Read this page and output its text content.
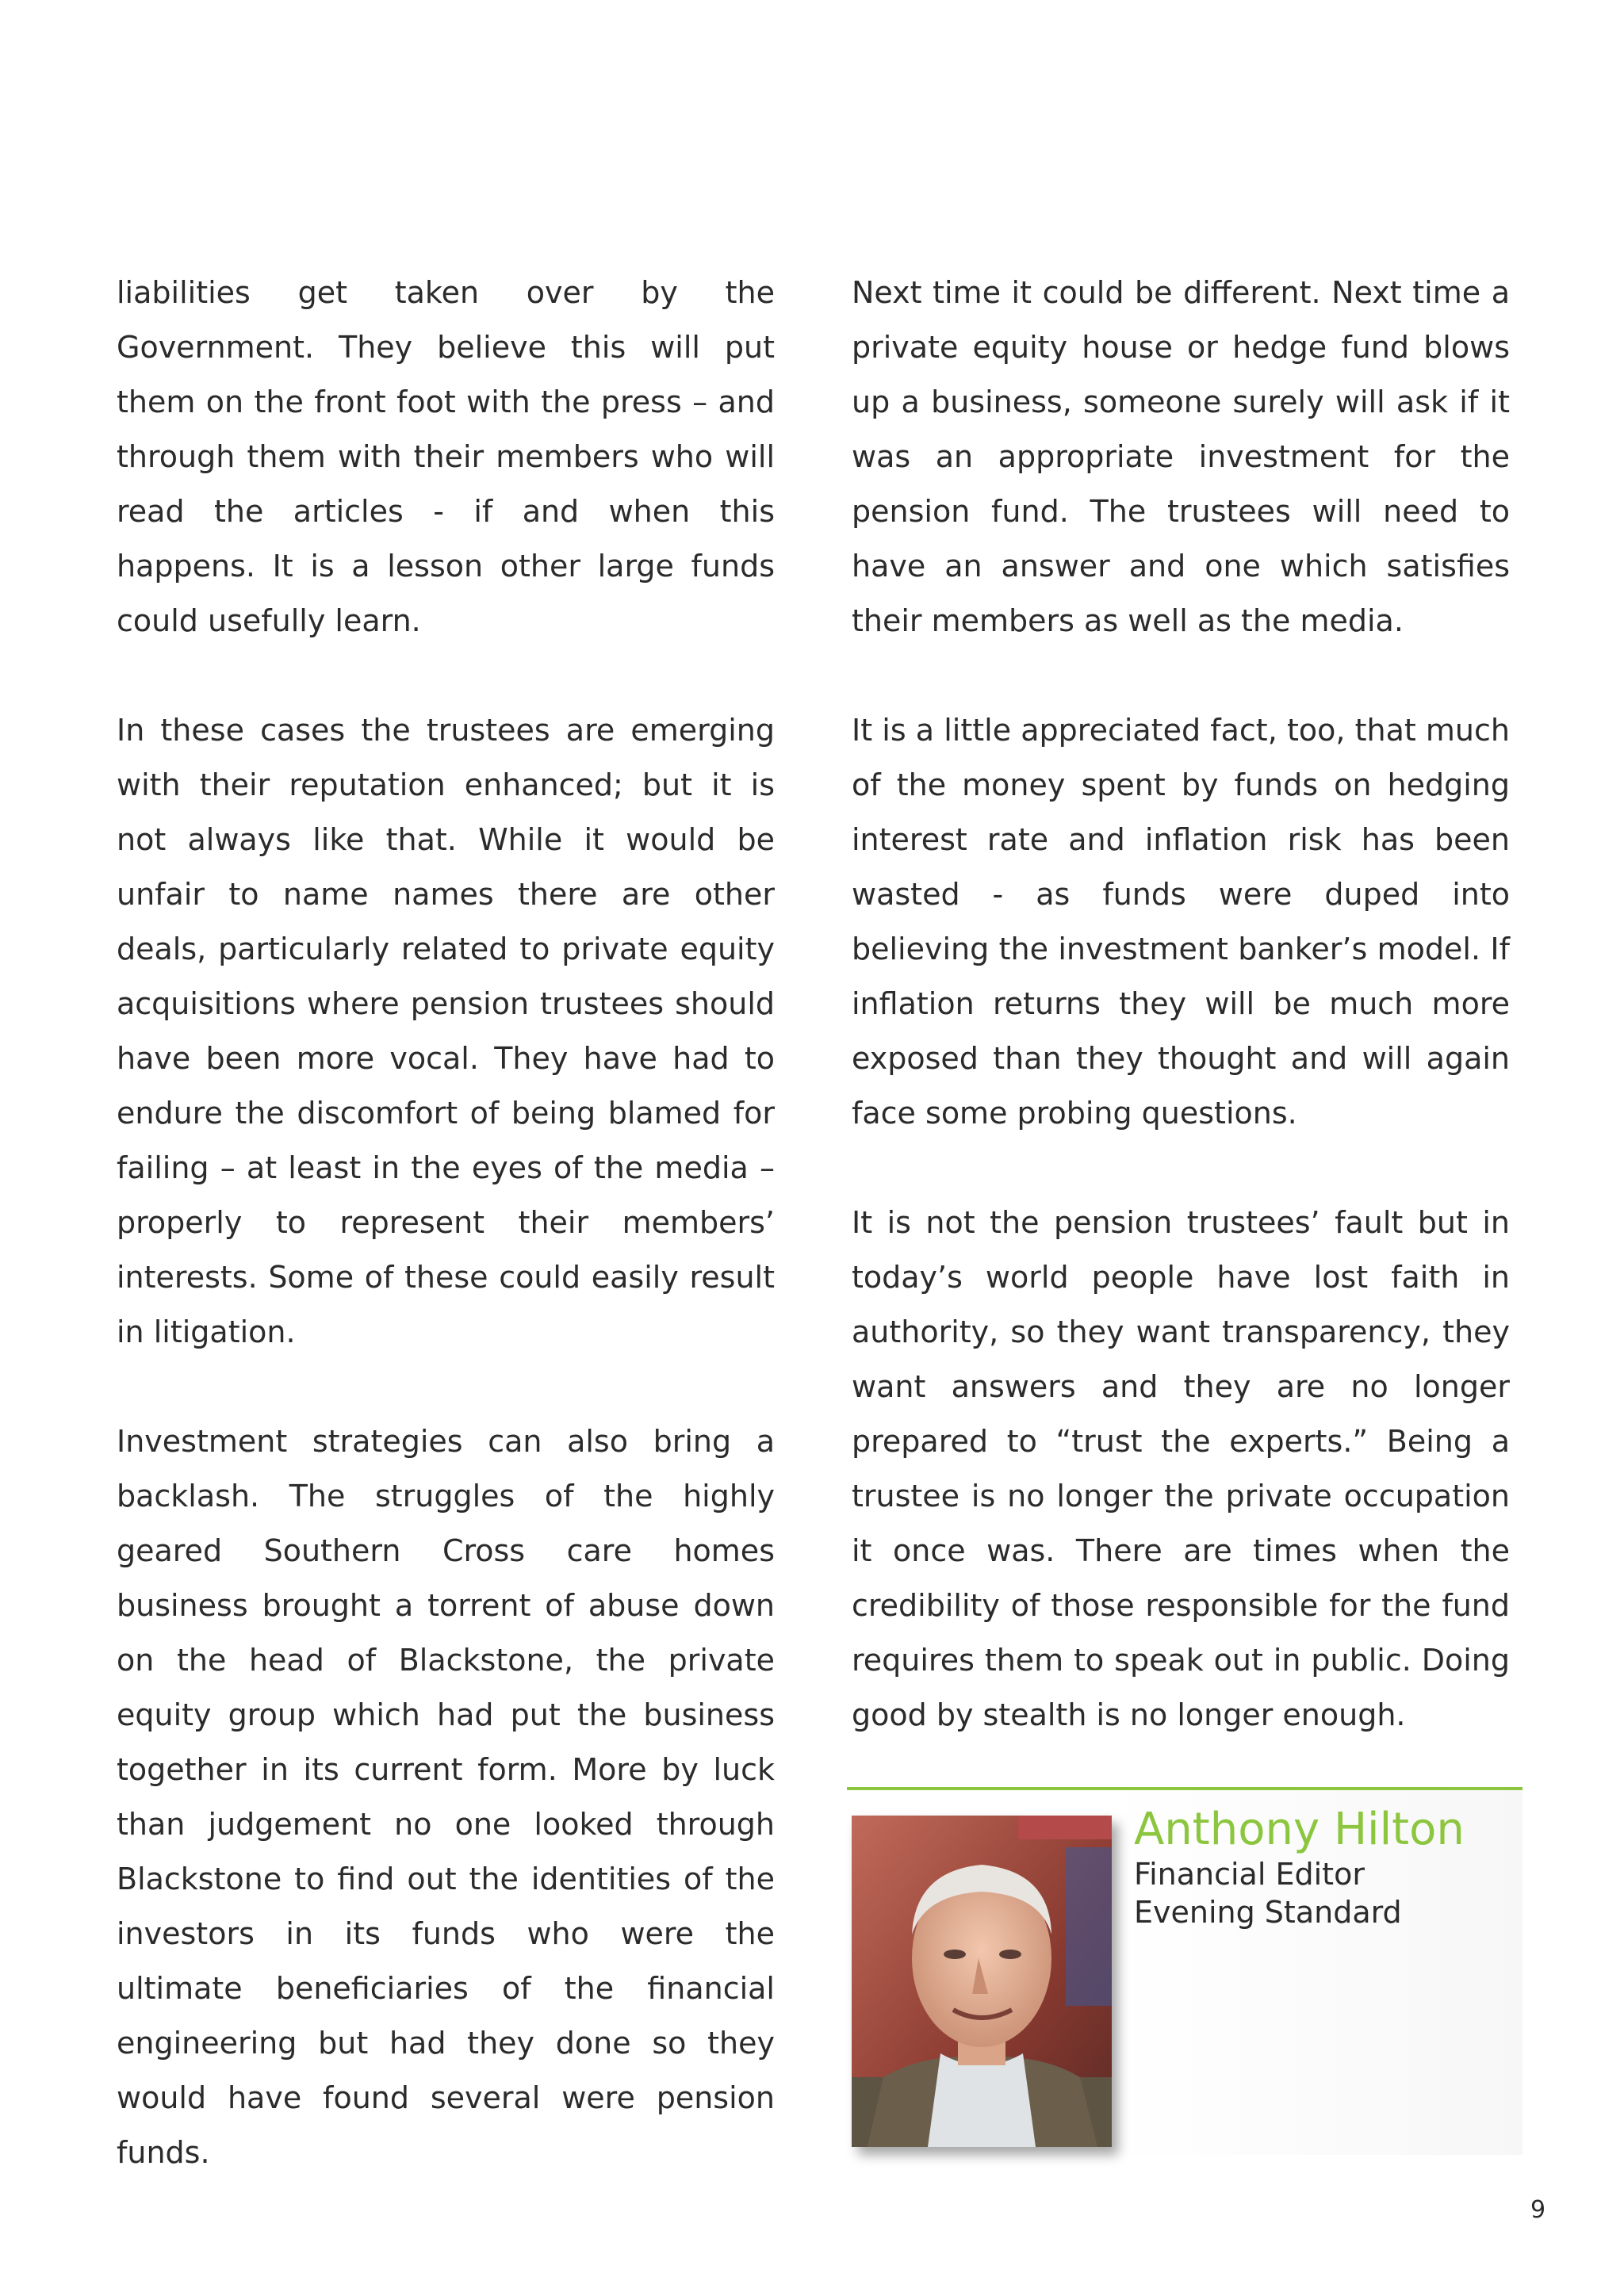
liabilities get taken over by the Government. They believe this will put them on the front foot with the press – and through them with their members who will read the articles - if and when this happens. It is a lesson other large funds could usefully learn.

In these cases the trustees are emerging with their reputation enhanced; but it is not always like that. While it would be unfair to name names there are other deals, particularly related to private equity acquisitions where pension trustees should have been more vocal. They have had to endure the discomfort of being blamed for failing – at least in the eyes of the media – properly to represent their members’ interests. Some of these could easily result in litigation.

Investment strategies can also bring a backlash. The struggles of the highly geared Southern Cross care homes business brought a torrent of abuse down on the head of Blackstone, the private equity group which had put the business together in its current form. More by luck than judgement no one looked through Blackstone to find out the identities of the investors in its funds who were the ultimate beneficiaries of the financial engineering but had they done so they would have found several were pension funds.

Next time it could be different. Next time a private equity house or hedge fund blows up a business, someone surely will ask if it was an appropriate investment for the pension fund. The trustees will need to have an answer and one which satisfies their members as well as the media.

It is a little appreciated fact, too, that much of the money spent by funds on hedging interest rate and inflation risk has been wasted - as funds were duped into believing the investment banker’s model. If inflation returns they will be much more exposed than they thought and will again face some probing questions.

It is not the pension trustees’ fault but in today’s world people have lost faith in authority, so they want transparency, they want answers and they are no longer prepared to “trust the experts.” Being a trustee is no longer the private occupation it once was. There are times when the credibility of those responsible for the fund requires them to speak out in public. Doing good by stealth is no longer enough.

Anthony Hilton
Financial Editor
Evening Standard
9
